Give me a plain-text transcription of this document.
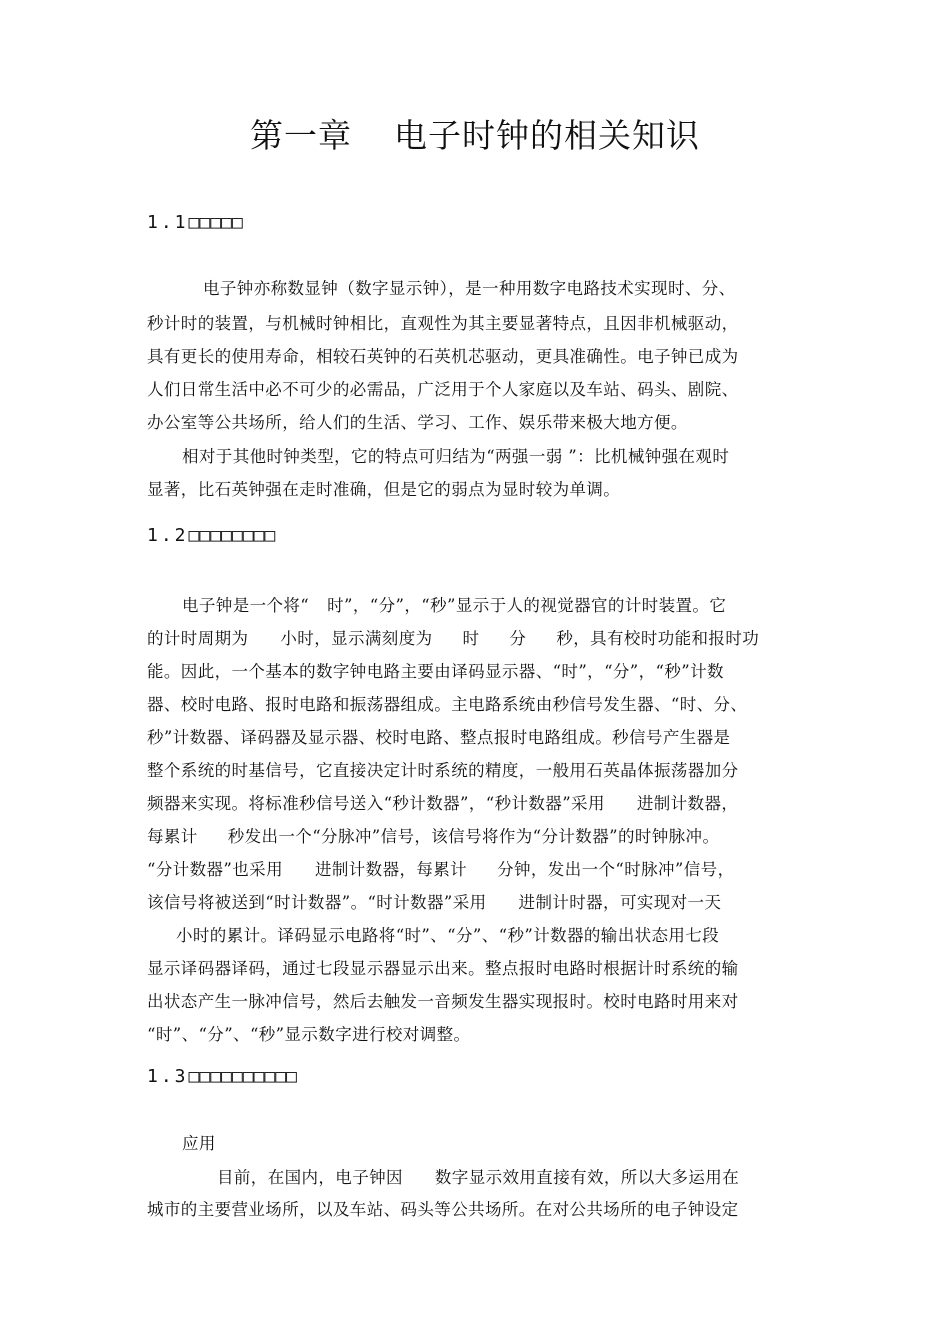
第一章 电子时钟的相关知识
1.1□□□□□
电子钟亦称数显钟（数字显示钟），是一种用数字电路技术实现时、分、
秒计时的装置，与机械时钟相比，直观性为其主要显著特点，且因非机械驱动，
具有更长的使用寿命，相较石英钟的石英机芯驱动，更具准确性。电子钟已成为
人们日常生活中必不可少的必需品，广泛用于个人家庭以及车站、码头、剧院、
办公室等公共场所，给人们的生活、学习、工作、娱乐带来极大地方便。
相对于其他时钟类型，它的特点可归结为“两强一弱 ”：比机械钟强在观时
显著，比石英钟强在走时准确，但是它的弱点为显时较为单调。
1.2□□□□□□□□
电子钟是一个将“ 时”，“分”，“秒”显示于人的视觉器官的计时装置。它
的计时周期为 小时，显示满刻度为 时 分 秒，具有校时功能和报时功
能。因此，一个基本的数字钟电路主要由译码显示器、“时”，“分”，“秒”计数
器、校时电路、报时电路和振荡器组成。主电路系统由秒信号发生器、“时、分、
秒”计数器、译码器及显示器、校时电路、整点报时电路组成。秒信号产生器是
整个系统的时基信号，它直接决定计时系统的精度，一般用石英晶体振荡器加分
频器来实现。将标准秒信号送入“秒计数器”，“秒计数器”采用 进制计数器，
每累计 秒发出一个“分脉冲”信号，该信号将作为“分计数器”的时钟脉冲。
“分计数器”也采用 进制计数器，每累计 分钟，发出一个“时脉冲”信号，
该信号将被送到“时计数器”。“时计数器”采用 进制计时器，可实现对一天
小时的累计。译码显示电路将“时”、“分”、“秒”计数器的输出状态用七段
显示译码器译码，通过七段显示器显示出来。整点报时电路时根据计时系统的输
出状态产生一脉冲信号，然后去触发一音频发生器实现报时。校时电路时用来对
“时”、“分”、“秒”显示数字进行校对调整。
1.3□□□□□□□□□□
应用
目前，在国内，电子钟因 数字显示效用直接有效，所以大多运用在
城市的主要营业场所，以及车站、码头等公共场所。在对公共场所的电子钟设定
